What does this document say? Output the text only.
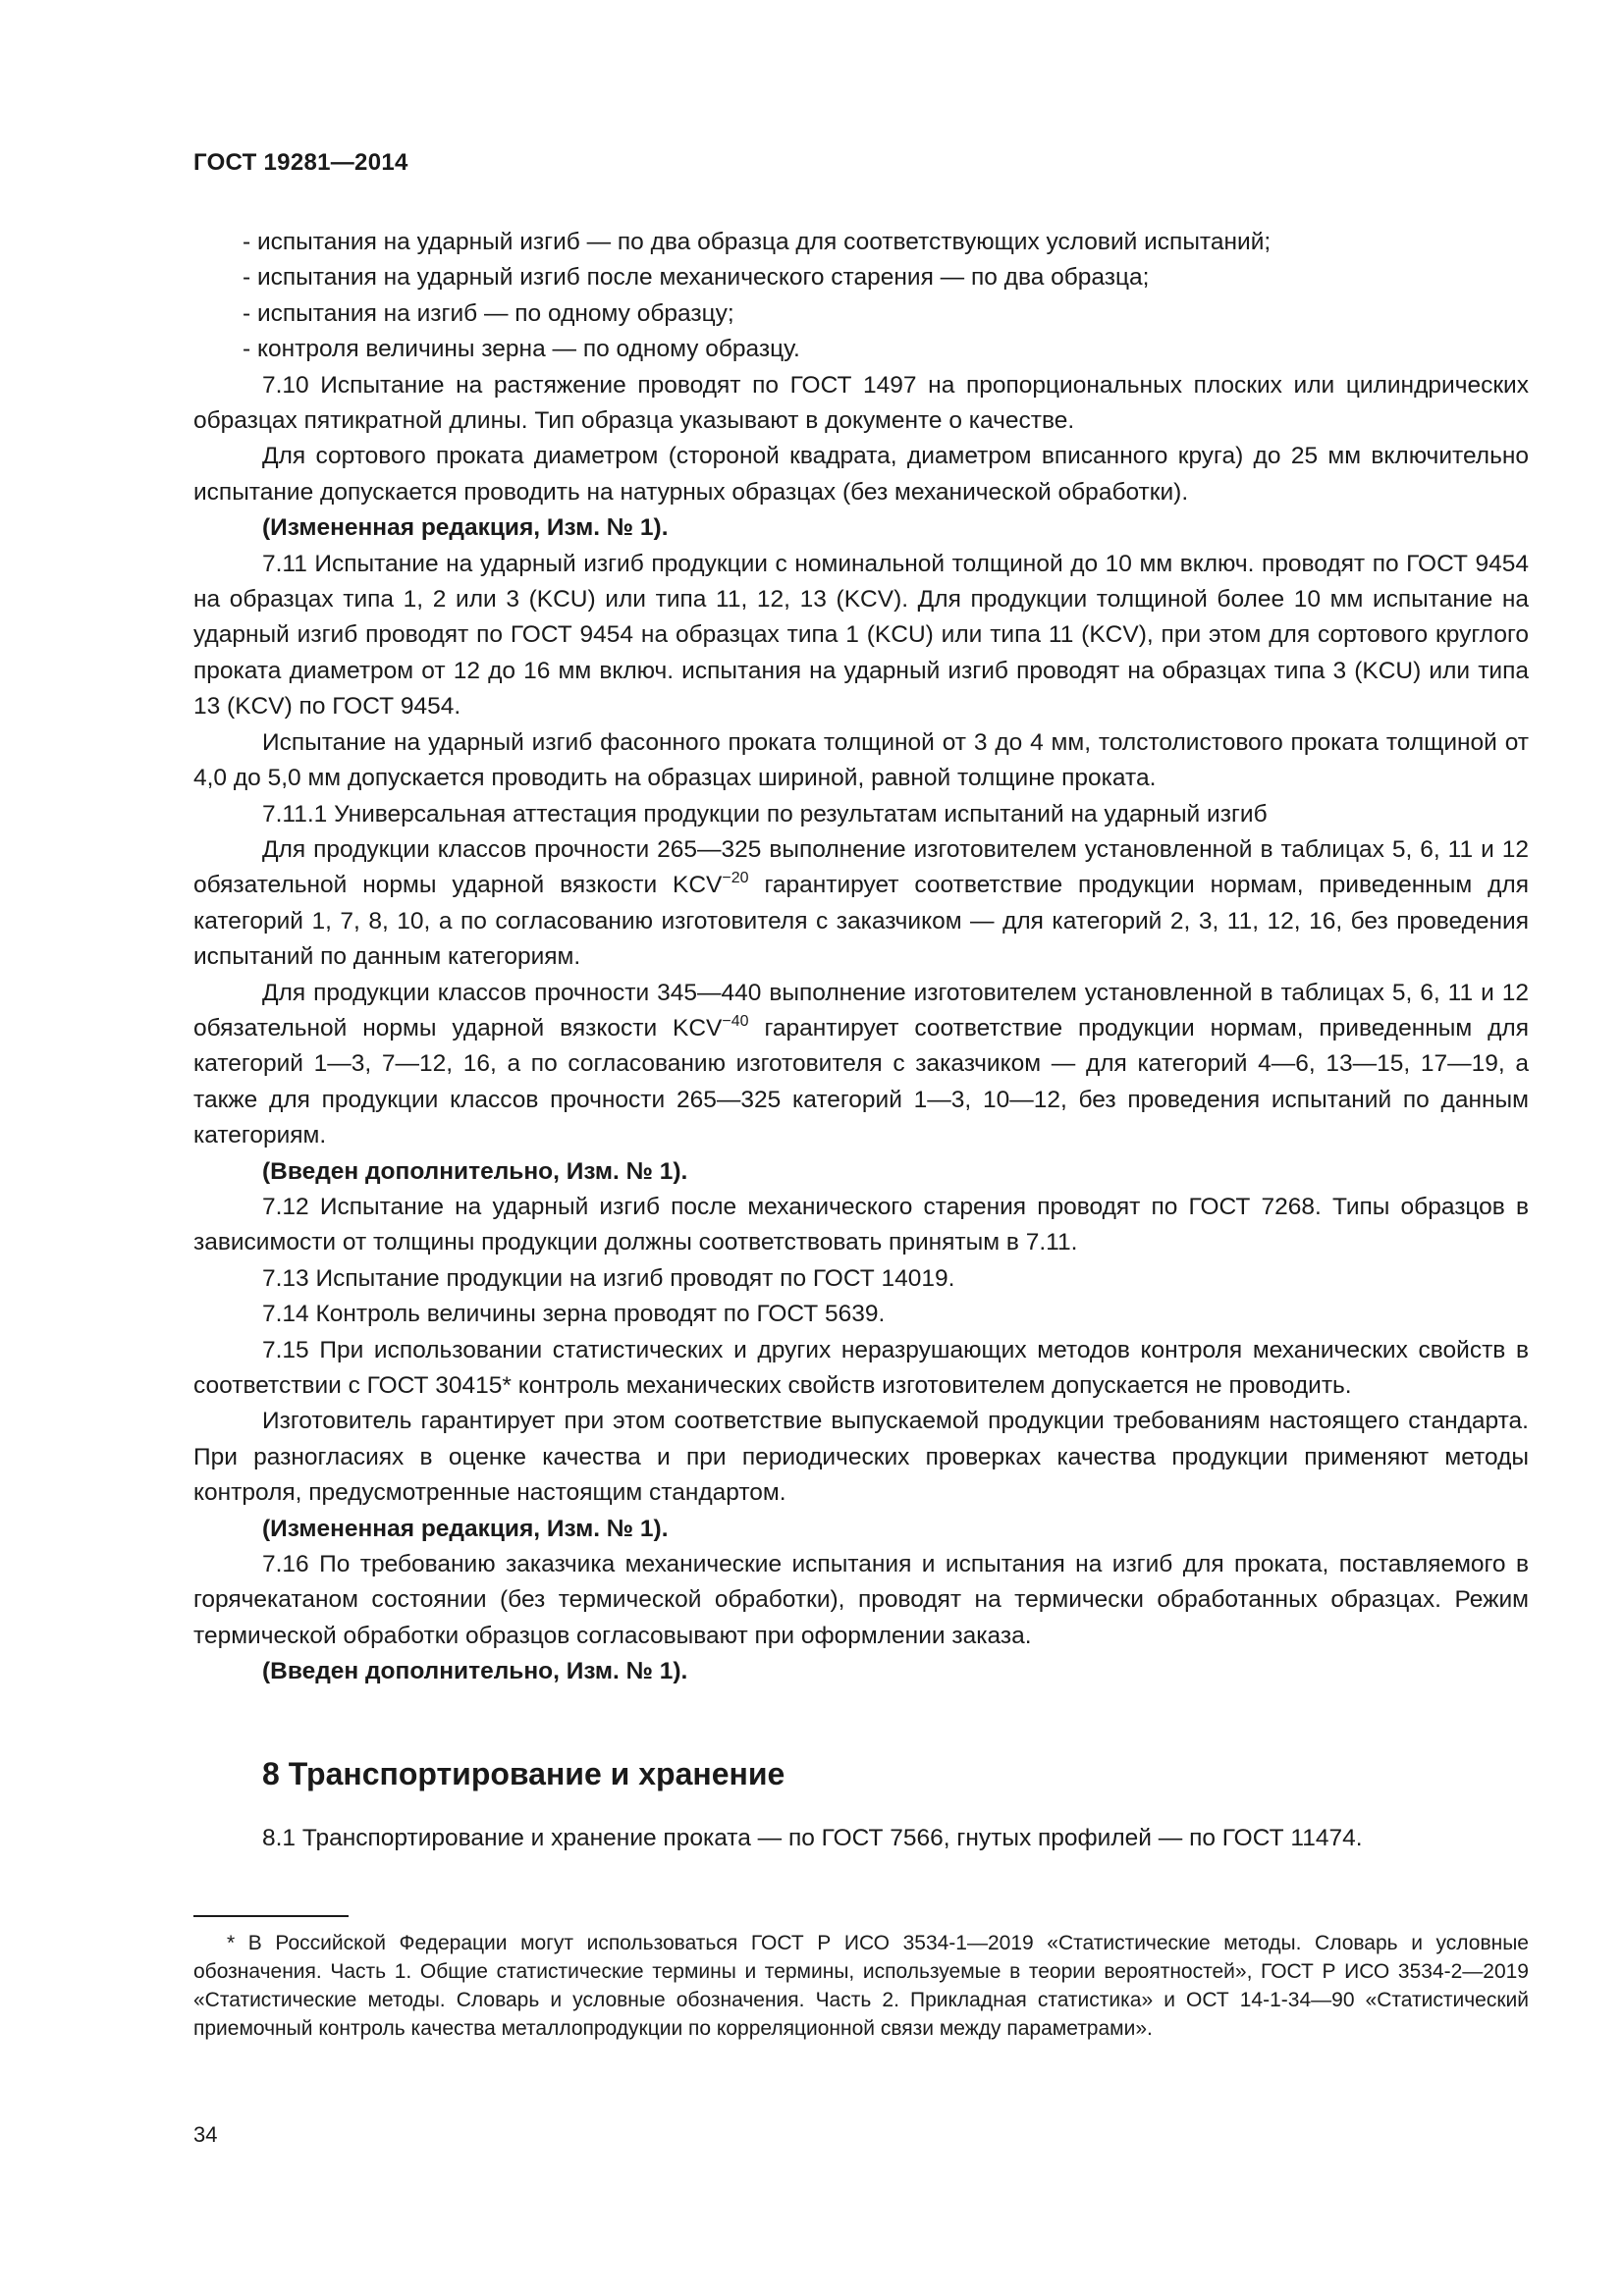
ГОСТ 19281—2014

- испытания на ударный изгиб — по два образца для соответствующих условий испытаний;

- испытания на ударный изгиб после механического старения — по два образца;

- испытания на изгиб — по одному образцу;

- контроля величины зерна — по одному образцу.

7.10 Испытание на растяжение проводят по ГОСТ 1497 на пропорциональных плоских или цилиндрических образцах пятикратной длины. Тип образца указывают в документе о качестве.

Для сортового проката диаметром (стороной квадрата, диаметром вписанного круга) до 25 мм включительно испытание допускается проводить на натурных образцах (без механической обработки).

(Измененная редакция, Изм. № 1).

7.11 Испытание на ударный изгиб продукции с номинальной толщиной до 10 мм включ. проводят по ГОСТ 9454 на образцах типа 1, 2 или 3 (KCU) или типа 11, 12, 13 (KCV). Для продукции толщиной более 10 мм испытание на ударный изгиб проводят по ГОСТ 9454 на образцах типа 1 (KCU) или типа 11 (KCV), при этом для сортового круглого проката диаметром от 12 до 16 мм включ. испытания на ударный изгиб проводят на образцах типа 3 (KCU) или типа 13 (KCV) по ГОСТ 9454.

Испытание на ударный изгиб фасонного проката толщиной от 3 до 4 мм, толстолистового проката толщиной от 4,0 до 5,0 мм допускается проводить на образцах шириной, равной толщине проката.

7.11.1 Универсальная аттестация продукции по результатам испытаний на ударный изгиб

Для продукции классов прочности 265—325 выполнение изготовителем установленной в таблицах 5, 6, 11 и 12 обязательной нормы ударной вязкости $KCV^{-20}$ гарантирует соответствие продукции нормам, приведенным для категорий 1, 7, 8, 10, а по согласованию изготовителя с заказчиком — для категорий 2, 3, 11, 12, 16, без проведения испытаний по данным категориям.

Для продукции классов прочности 345—440 выполнение изготовителем установленной в таблицах 5, 6, 11 и 12 обязательной нормы ударной вязкости $KCV^{-40}$ гарантирует соответствие продукции нормам, приведенным для категорий 1—3, 7—12, 16, а по согласованию изготовителя с заказчиком — для категорий 4—6, 13—15, 17—19, а также для продукции классов прочности 265—325 категорий 1—3, 10—12, без проведения испытаний по данным категориям.

(Введен дополнительно, Изм. № 1).

7.12 Испытание на ударный изгиб после механического старения проводят по ГОСТ 7268. Типы образцов в зависимости от толщины продукции должны соответствовать принятым в 7.11.

7.13 Испытание продукции на изгиб проводят по ГОСТ 14019.

7.14 Контроль величины зерна проводят по ГОСТ 5639.

7.15 При использовании статистических и других неразрушающих методов контроля механических свойств в соответствии с ГОСТ 30415* контроль механических свойств изготовителем допускается не проводить.

Изготовитель гарантирует при этом соответствие выпускаемой продукции требованиям настоящего стандарта. При разногласиях в оценке качества и при периодических проверках качества продукции применяют методы контроля, предусмотренные настоящим стандартом.

(Измененная редакция, Изм. № 1).

7.16 По требованию заказчика механические испытания и испытания на изгиб для проката, поставляемого в горячекатаном состоянии (без термической обработки), проводят на термически обработанных образцах. Режим термической обработки образцов согласовывают при оформлении заказа.

(Введен дополнительно, Изм. № 1).

8 Транспортирование и хранение
8.1 Транспортирование и хранение проката — по ГОСТ 7566, гнутых профилей — по ГОСТ 11474.
* В Российской Федерации могут использоваться ГОСТ Р ИСО 3534-1—2019 «Статистические методы. Словарь и условные обозначения. Часть 1. Общие статистические термины и термины, используемые в теории вероятностей», ГОСТ Р ИСО 3534-2—2019 «Статистические методы. Словарь и условные обозначения. Часть 2. Прикладная статистика» и ОСТ 14-1-34—90 «Статистический приемочный контроль качества металлопродукции по корреляционной связи между параметрами».
34
